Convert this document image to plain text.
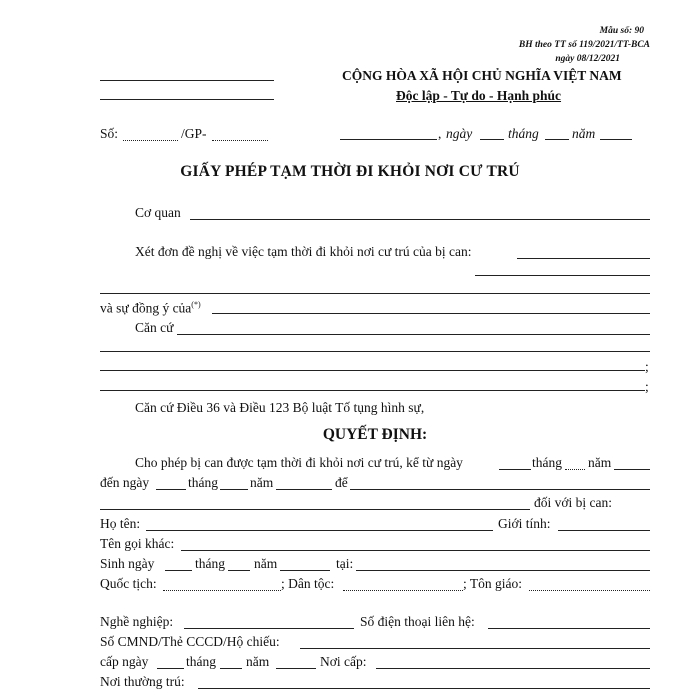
Mẫu số: 90
BH theo TT số 119/2021/TT-BCA
ngày 08/12/2021
CỘNG HÒA XÃ HỘI CHỦ NGHĨA VIỆT NAM
Độc lập - Tự do - Hạnh phúc
Số:	/GP-	, ngày	tháng năm
GIẤY PHÉP TẠM THỜI ĐI KHỎI NƠI CƯ TRÚ
Cơ quan
Xét đơn đề nghị về việc tạm thời đi khỏi nơi cư trú của bị can:
và sự đồng ý của(*)
Căn cứ
;
;
Căn cứ Điều 36 và Điều 123 Bộ luật Tố tụng hình sự,
QUYẾT ĐỊNH:
Cho phép bị can được tạm thời đi khỏi nơi cư trú, kể từ ngày	tháng năm
đến ngày	tháng năm	để
đối với bị can:
Họ tên:	Giới tính:
Tên gọi khác:
Sinh ngày	tháng năm	tại:
Quốc tịch:	; Dân tộc:	; Tôn giáo:
Nghề nghiệp:	Số điện thoại liên hệ:
Số CMND/Thẻ CCCD/Hộ chiếu:
cấp ngày	tháng năm	Nơi cấp:
Nơi thường trú:
